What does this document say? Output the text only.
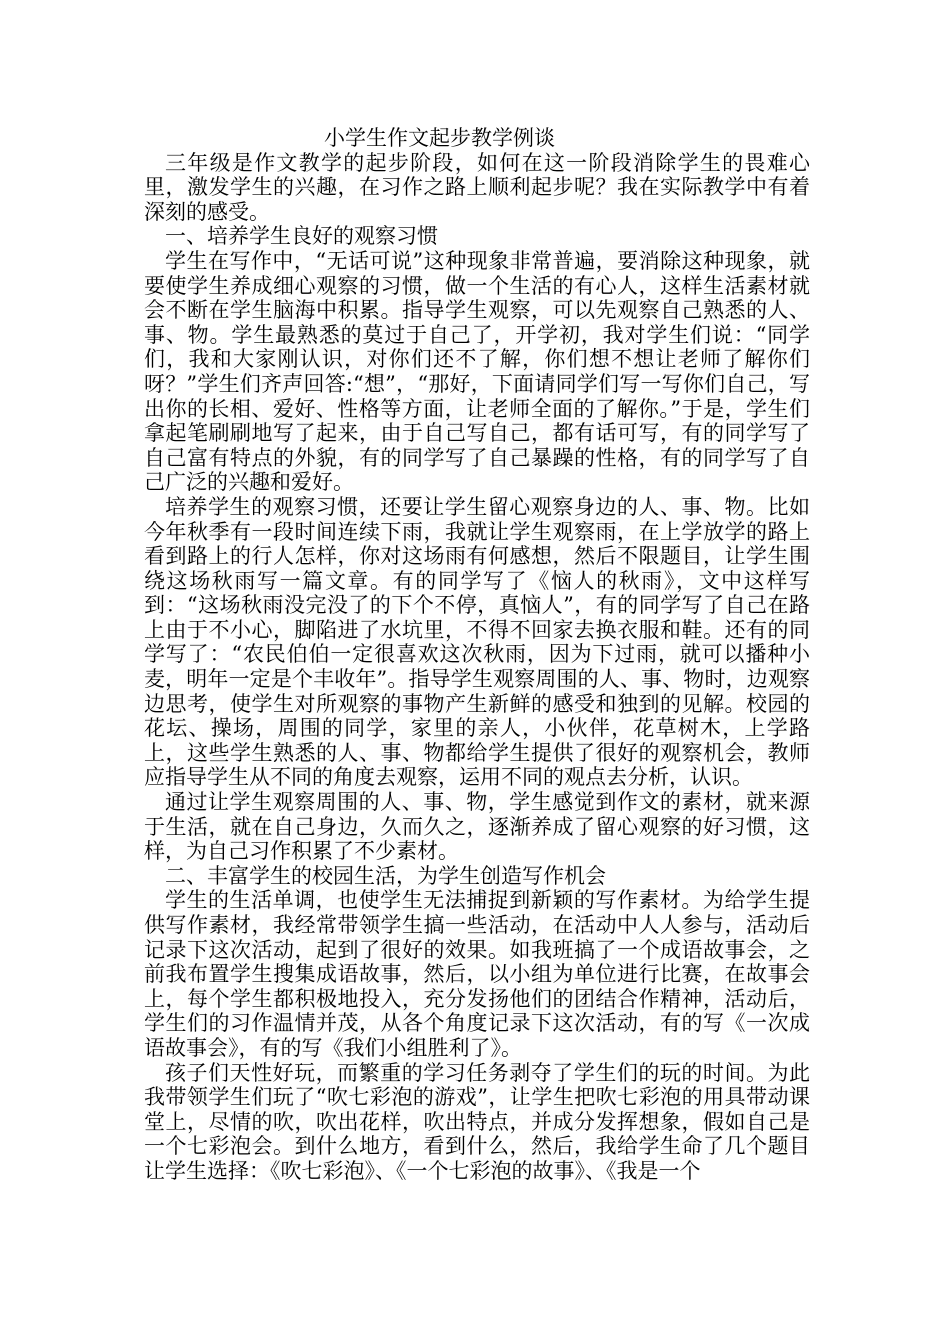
小学生作文起步教学例谈

三年级是作文教学的起步阶段，如何在这一阶段消除学生的畏难心里，激发学生的兴趣，在习作之路上顺利起步呢？我在实际教学中有着深刻的感受。

一、培养学生良好的观察习惯

学生在写作中，“无话可说”这种现象非常普遍，要消除这种现象，就要使学生养成细心观察的习惯，做一个生活的有心人，这样生活素材就会不断在学生脑海中积累。指导学生观察，可以先观察自己熟悉的人、事、物。学生最熟悉的莫过于自己了，开学初，我对学生们说：“同学们，我和大家刚认识，对你们还不了解，你们想不想让老师了解你们呀？”学生们齐声回答:“想”，“那好，下面请同学们写一写你们自己，写出你的长相、爱好、性格等方面，让老师全面的了解你。”于是，学生们拿起笔刷刷地写了起来，由于自己写自己，都有话可写，有的同学写了自己富有特点的外貌，有的同学写了自己暴躁的性格，有的同学写了自己广泛的兴趣和爱好。

培养学生的观察习惯，还要让学生留心观察身边的人、事、物。比如今年秋季有一段时间连续下雨，我就让学生观察雨，在上学放学的路上看到路上的行人怎样，你对这场雨有何感想，然后不限题目，让学生围绕这场秋雨写一篇文章。有的同学写了《恼人的秋雨》，文中这样写到：“这场秋雨没完没了的下个不停，真恼人”，有的同学写了自己在路上由于不小心，脚陷进了水坑里，不得不回家去换衣服和鞋。还有的同学写了：“农民伯伯一定很喜欢这次秋雨，因为下过雨，就可以播种小麦，明年一定是个丰收年”。指导学生观察周围的人、事、物时，边观察边思考，使学生对所观察的事物产生新鲜的感受和独到的见解。校园的花坛、操场，周围的同学，家里的亲人，小伙伴，花草树木，上学路上，这些学生熟悉的人、事、物都给学生提供了很好的观察机会，教师应指导学生从不同的角度去观察，运用不同的观点去分析，认识。

通过让学生观察周围的人、事、物，学生感觉到作文的素材，就来源于生活，就在自己身边，久而久之，逐渐养成了留心观察的好习惯，这样，为自己习作积累了不少素材。

二、丰富学生的校园生活，为学生创造写作机会

学生的生活单调，也使学生无法捕捉到新颖的写作素材。为给学生提供写作素材，我经常带领学生搞一些活动，在活动中人人参与，活动后记录下这次活动，起到了很好的效果。如我班搞了一个成语故事会，之前我布置学生搜集成语故事，然后，以小组为单位进行比赛，在故事会上，每个学生都积极地投入，充分发扬他们的团结合作精神，活动后，学生们的习作温情并茂，从各个角度记录下这次活动，有的写《一次成语故事会》，有的写《我们小组胜利了》。

孩子们天性好玩，而繁重的学习任务剥夺了学生们的玩的时间。为此我带领学生们玩了“吹七彩泡的游戏”，让学生把吹七彩泡的用具带动课堂上，尽情的吹，吹出花样，吹出特点，并成分发挥想象，假如自己是一个七彩泡会。到什么地方，看到什么，然后，我给学生命了几个题目让学生选择：《吹七彩泡》、《一个七彩泡的故事》、《我是一个
